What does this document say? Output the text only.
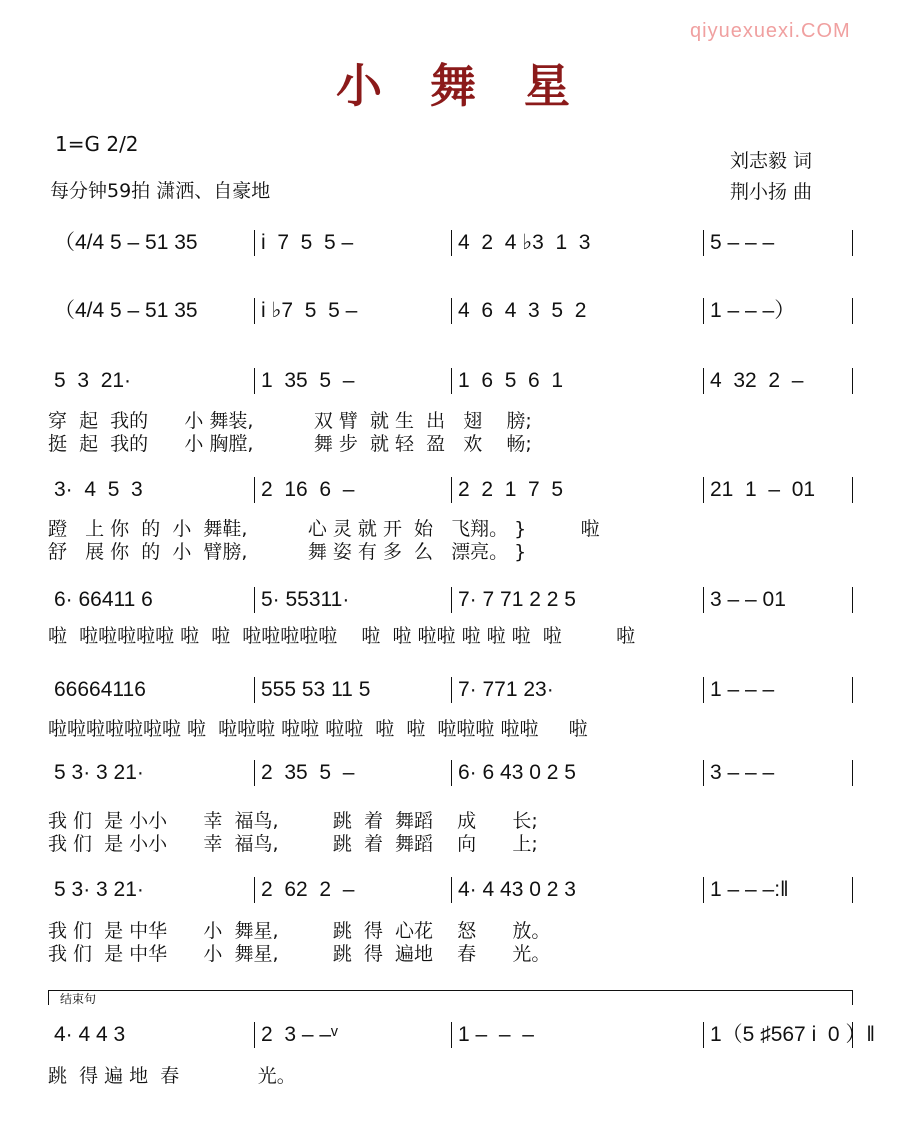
qiyuexuexi.COM
小舞星
1=G 2/2
每分钟59拍 潇洒、自豪地
刘志毅 词
荆小扬 曲
（4/4 5 – 51 35	i  7  5  5 –	4  2  4 ♭3  1  3	5 – – –
（4/4 5 – 51 35	i ♭7  5  5 –	4  6  4  3  5  2	1 – – –）
5  3  21·	1  35  5  –	1  6  5  6  1	4  32  2  –
穿  起  我的      小 舞装,          双 臂  就 生  出   翅    膀;
挺  起  我的      小 胸膛,          舞 步  就 轻  盈   欢    畅;
3·  4  5  3	2  16  6  –	2  2  1  7  5	21  1  –  01
蹬   上 你  的  小  舞鞋,          心 灵 就 开  始   飞翔。 }         啦
舒   展 你  的  小  臂膀,          舞 姿 有 多  么   漂亮。 }
6· 66411 6	5· 55311·	7· 7 71 2 2 5	3 – – 01
啦  啦啦啦啦啦 啦  啦  啦啦啦啦啦    啦  啦 啦啦 啦 啦 啦  啦         啦
66664116	555 53 11 5	7· 771 23·	1 – – –
啦啦啦啦啦啦啦 啦  啦啦啦 啦啦 啦啦  啦  啦  啦啦啦 啦啦     啦
5 3· 3 21·	2  35  5  –	6· 6 43 0 2 5	3 – – –
我 们  是 小小      幸  福鸟,         跳  着  舞蹈    成      长;
我 们  是 小小      幸  福鸟,         跳  着  舞蹈    向      上;
5 3· 3 21·	2  62  2  –	4· 4 43 0 2 3	1 – – –:‖
我 们  是 中华      小  舞星,         跳  得  心花    怒      放。
我 们  是 中华      小  舞星,         跳  得  遍地    春      光。
4· 4 4 3	2  3 – –ᵛ	1 –  –  –	1（5 ♯567 i  0 ）‖
跳  得 遍 地  春             光。
结束句
